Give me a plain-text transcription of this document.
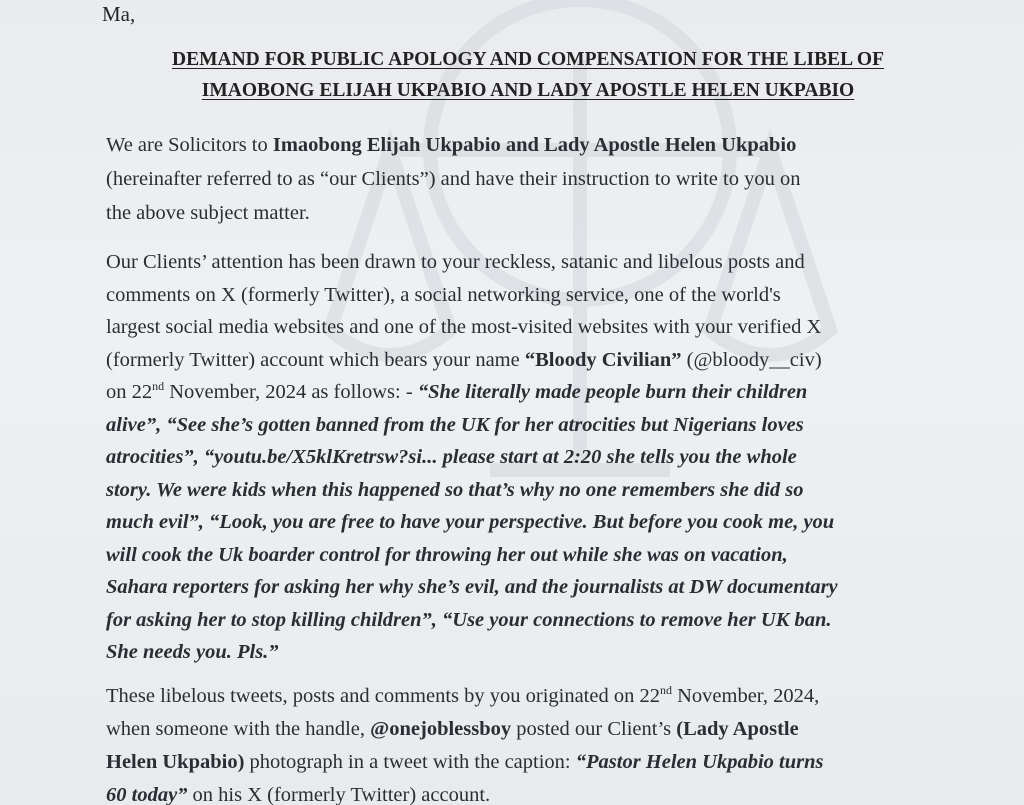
Ma,
DEMAND FOR PUBLIC APOLOGY AND COMPENSATION FOR THE LIBEL OF
IMAOBONG ELIJAH UKPABIO AND LADY APOSTLE HELEN UKPABIO
We are Solicitors to Imaobong Elijah Ukpabio and Lady Apostle Helen Ukpabio
(hereinafter referred to as “our Clients”) and have their instruction to write to you on
the above subject matter.
Our Clients’ attention has been drawn to your reckless, satanic and libelous posts and
comments on X (formerly Twitter), a social networking service, one of the world's
largest social media websites and one of the most-visited websites with your verified X
(formerly Twitter) account which bears your name “Bloody Civilian” (@bloody__civ)
on 22nd November, 2024 as follows: - “She literally made people burn their children
alive”, “See she’s gotten banned from the UK for her atrocities but Nigerians loves
atrocities”, “youtu.be/X5klKretrsw?si... please start at 2:20 she tells you the whole
story. We were kids when this happened so that’s why no one remembers she did so
much evil”, “Look, you are free to have your perspective. But before you cook me, you
will cook the Uk boarder control for throwing her out while she was on vacation,
Sahara reporters for asking her why she’s evil, and the journalists at DW documentary
for asking her to stop killing children”, “Use your connections to remove her UK ban.
She needs you. Pls.”
These libelous tweets, posts and comments by you originated on 22nd November, 2024,
when someone with the handle, @onejoblessboy posted our Client’s (Lady Apostle
Helen Ukpabio) photograph in a tweet with the caption: “Pastor Helen Ukpabio turns
60 today” on his X (formerly Twitter) account.
